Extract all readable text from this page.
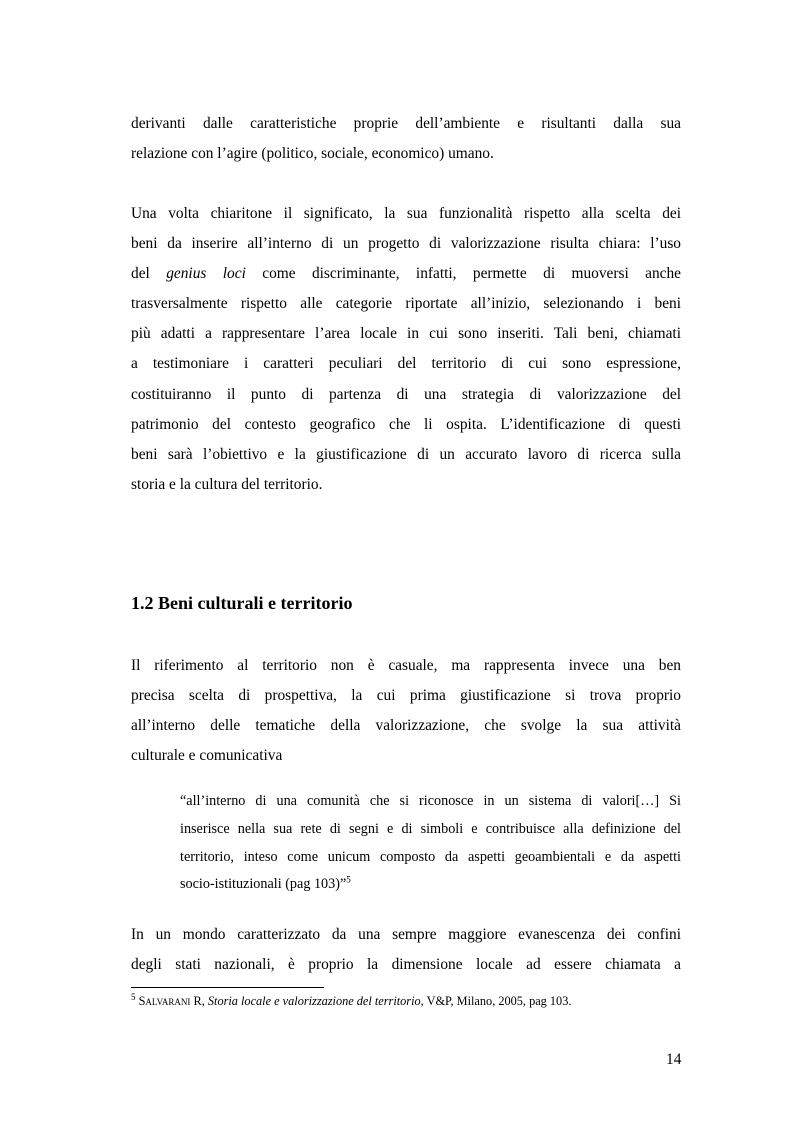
derivanti dalle caratteristiche proprie dell’ambiente e risultanti dalla sua
relazione con l’agire (politico, sociale, economico) umano.
Una volta chiaritone il significato, la sua funzionalità rispetto alla scelta dei
beni da inserire all’interno di un progetto di valorizzazione risulta chiara: l’uso
del genius loci come discriminante, infatti, permette di muoversi anche
trasversalmente rispetto alle categorie riportate all’inizio, selezionando i beni
più adatti a rappresentare l’area locale in cui sono inseriti. Tali beni, chiamati
a testimoniare i caratteri peculiari del territorio di cui sono espressione,
costituiranno il punto di partenza di una strategia di valorizzazione del
patrimonio del contesto geografico che li ospita. L’identificazione di questi
beni sarà l’obiettivo e la giustificazione di un accurato lavoro di ricerca sulla
storia e la cultura del territorio.
1.2 Beni culturali e territorio
Il riferimento al territorio non è casuale, ma rappresenta invece una ben
precisa scelta di prospettiva, la cui prima giustificazione si trova proprio
all’interno delle tematiche della valorizzazione, che svolge la sua attività
culturale e comunicativa
“all’interno di una comunità che si riconosce in un sistema di valori[…] Si
inserisce nella sua rete di segni e di simboli e contribuisce alla definizione del
territorio, inteso come unicum composto da aspetti geoambientali e da aspetti
socio-istituzionali (pag 103)”$^5$
In un mondo caratterizzato da una sempre maggiore evanescenza dei confini
degli stati nazionali, è proprio la dimensione locale ad essere chiamata a
$^5$ Salvarani R, Storia locale e valorizzazione del territorio, V&P, Milano, 2005, pag 103.
14
